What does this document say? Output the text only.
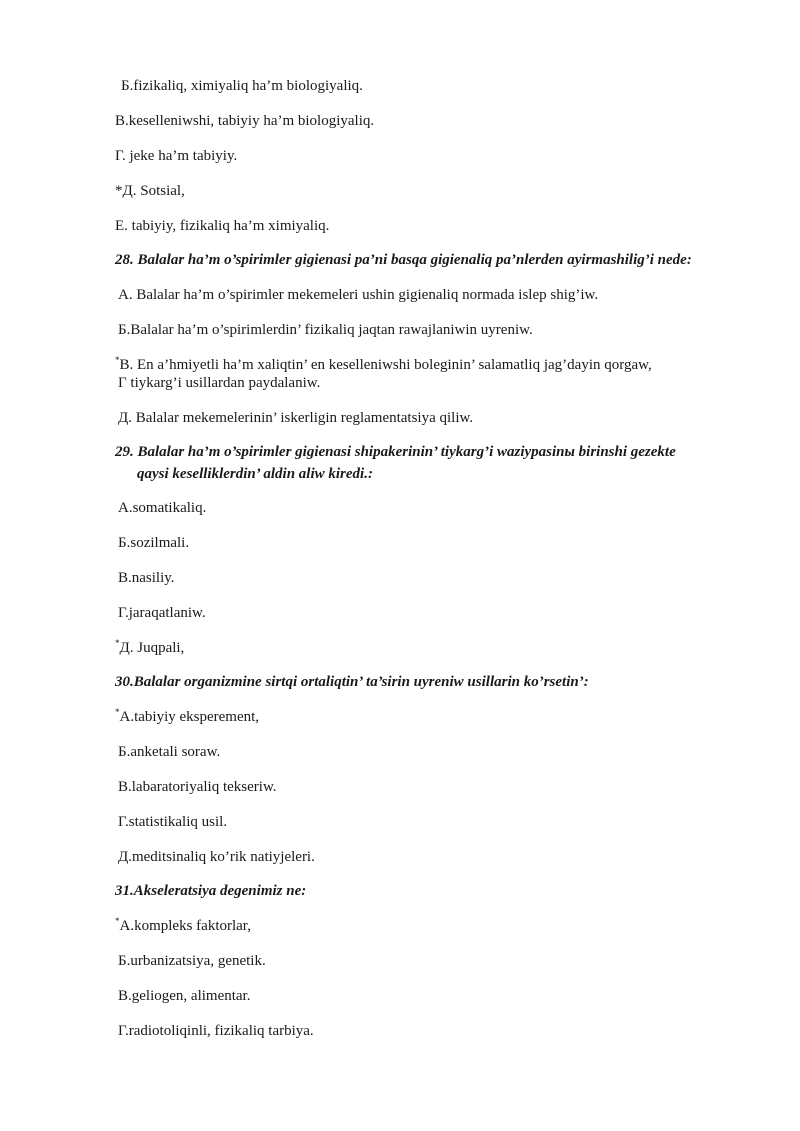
Б.fizikaliq, ximiyaliq ha’m biologiyaliq.
В.keselleniwshi, tabiyiy ha’m biologiyaliq.
Г. jeke ha’m tabiyiy.
*Д. Sotsial,
E. tabiyiy, fizikaliq ha’m ximiyaliq.
28. Balalar ha’m o’spirimler gigienasi pa’ni basqa gigienaliq pa’nlerden ayirmashilig’i nede:
A. Balalar ha’m o’spirimler mekemeleri ushin gigienaliq normada islep shig’iw.
Б.Balalar ha’m o’spirimlerdin’ fizikaliq jaqtan rawajlaniwin uyreniw.
*В. En a’hmiyetli ha’m xaliqtin’ en keselleniwshi boleginin’ salamatliq jag’dayin qorgaw,
Г tiykarg’i usillardan paydalaniw.
Д. Balalar mekemelerinin’ iskerligin reglamentatsiya qiliw.
29. Balalar ha’m o’spirimler gigienasi shipakerinin’ tiykarg’i waziypasinы birinshi gezekte
qaysi keselliklerdin’ aldin aliw kiredi.:
A.somatikaliq.
Б.sozilmali.
В.nasiliy.
Г.jaraqatlaniw.
*Д. Juqpali,
30.Balalar organizmine sirtqi ortaliqtin’ ta’sirin uyreniw usillarin ko’rsetin’:
*A.tabiyiy eksperement,
Б.anketali soraw.
В.labaratoriyaliq tekseriw.
Г.statistikaliq usil.
Д.meditsinaliq ko’rik natiyjeleri.
31.Akseleratsiya degenimiz ne:
*A.kompleks faktorlar,
Б.urbanizatsiya, genetik.
В.geliogen, alimentar.
Г.radiotoliqinli, fizikaliq tarbiya.
